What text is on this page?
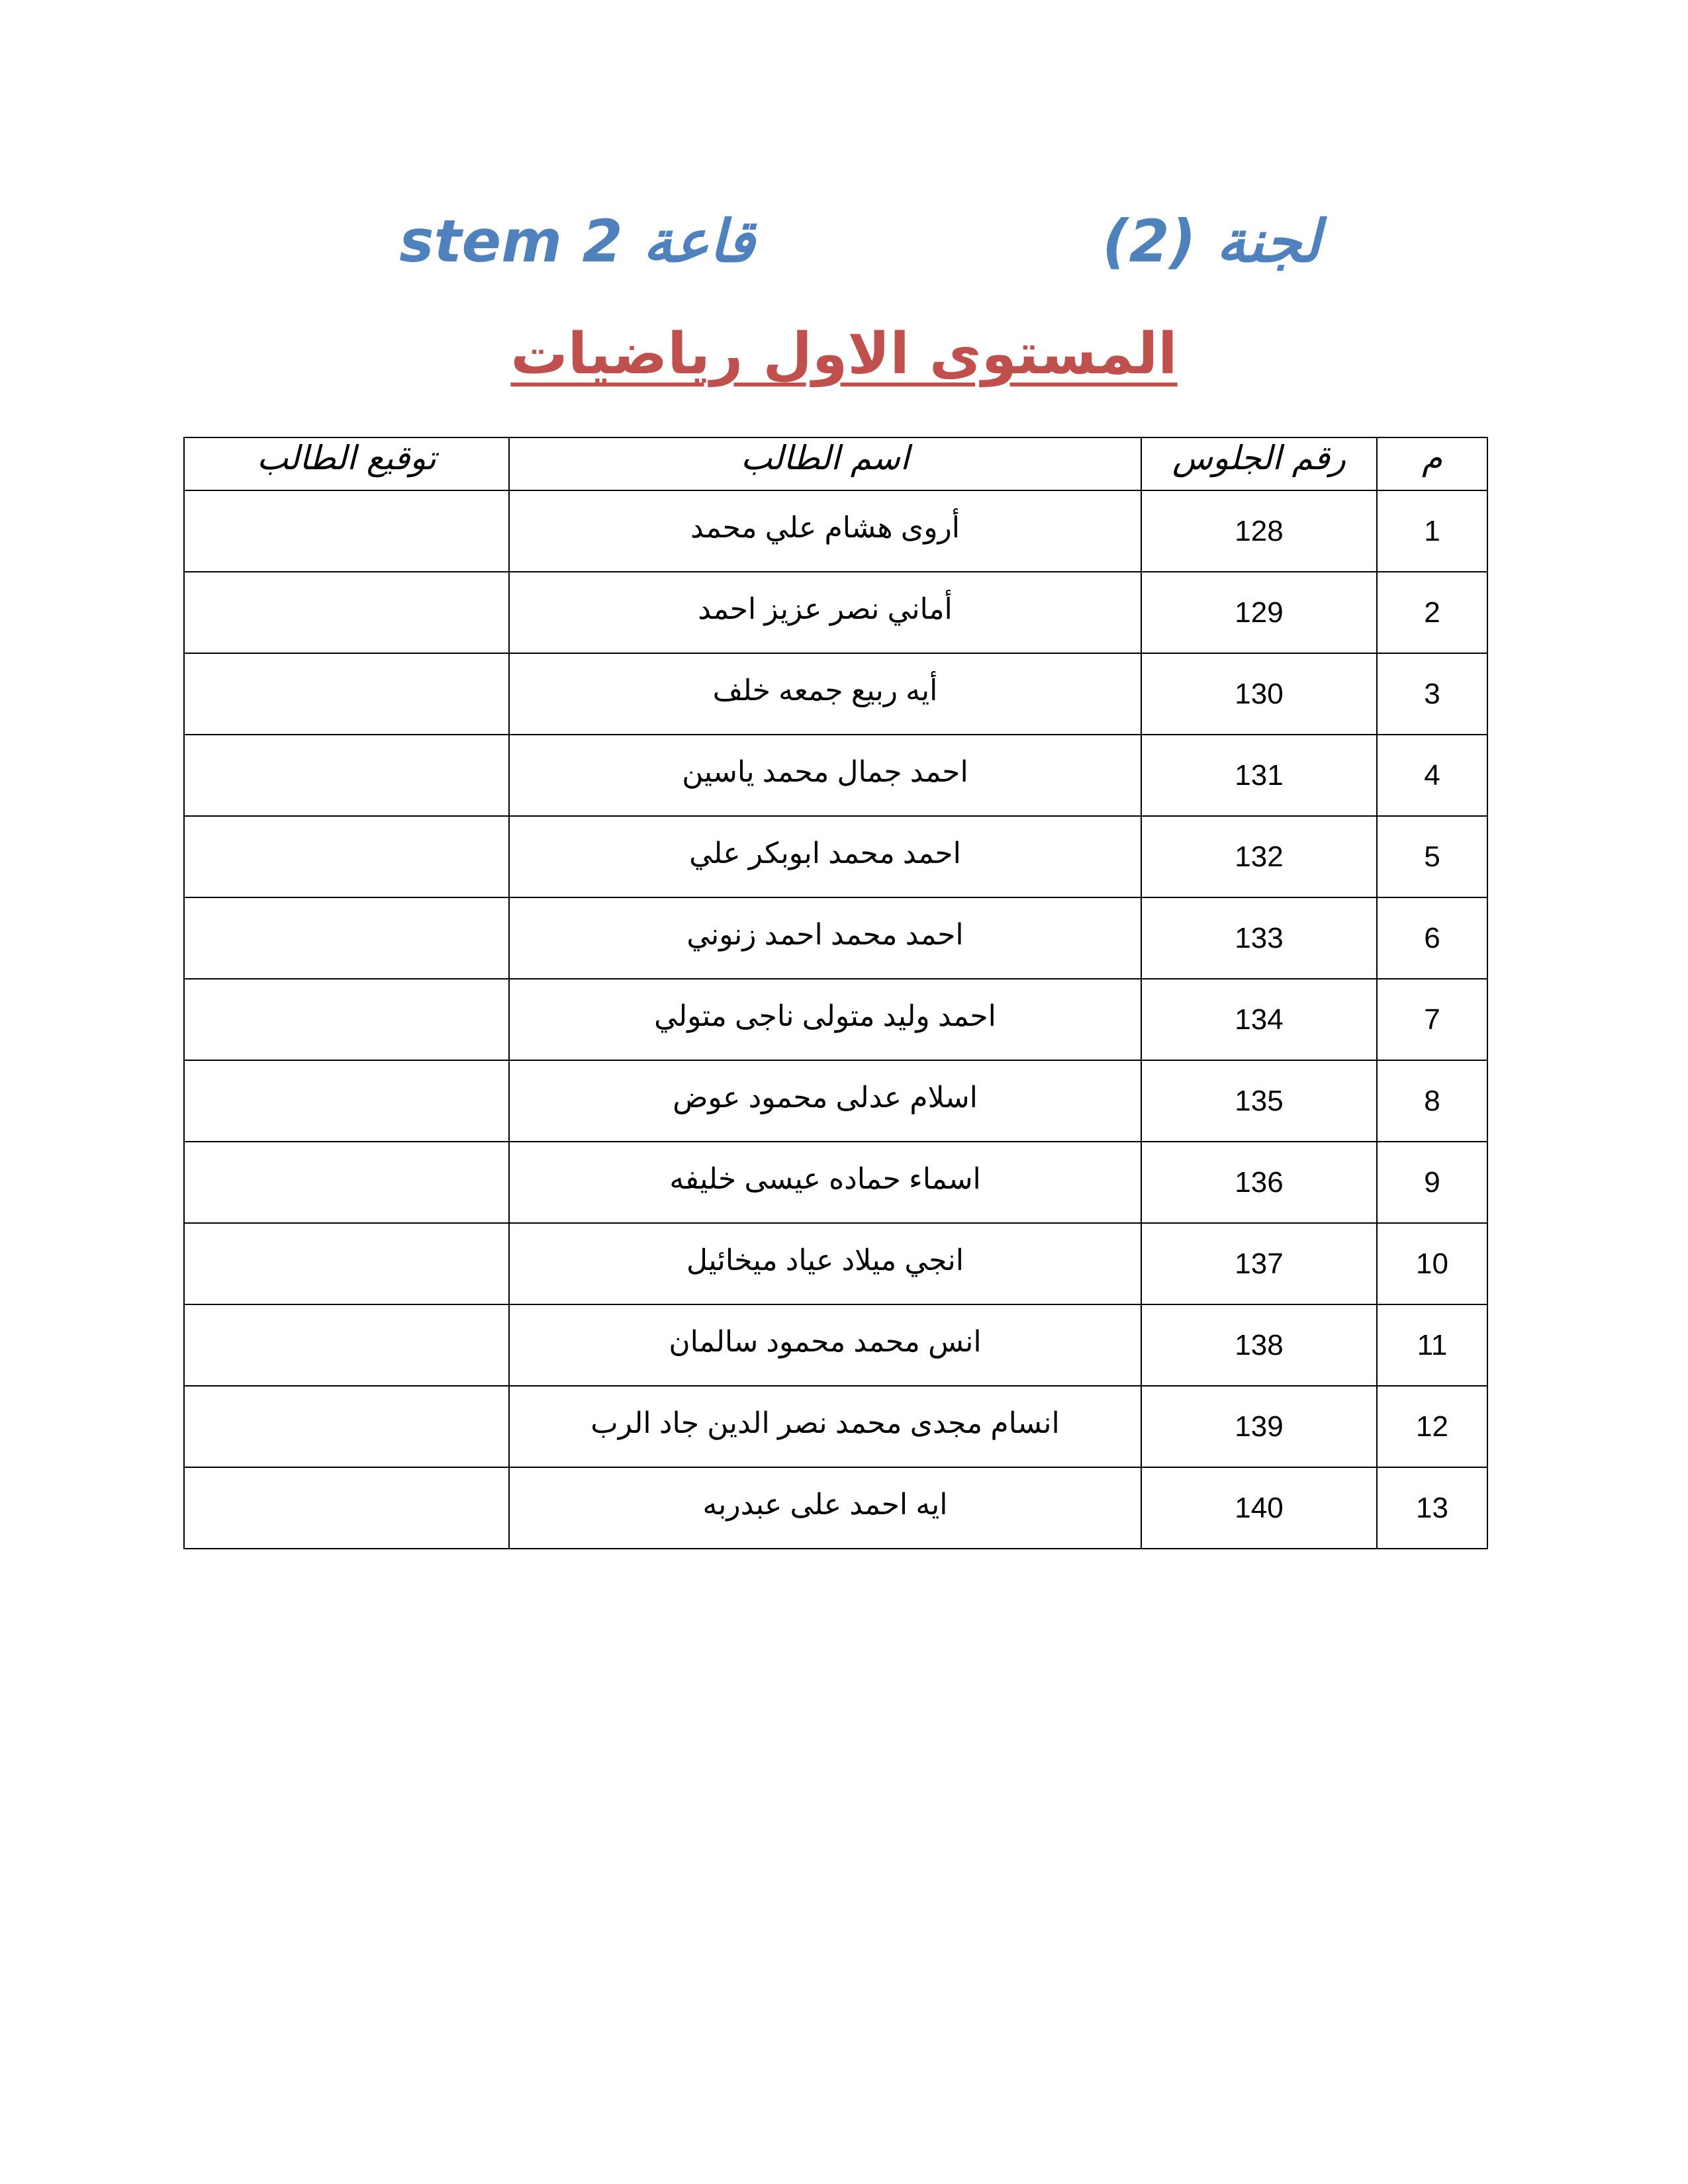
لجنة (2)
قاعة stem 2
المستوى الاول رياضيات
م	رقم الجلوس	اسم الطالب	توقيع الطالب
1	128	أروى هشام علي محمد	
2	129	أماني نصر عزيز احمد	
3	130	أيه ربيع جمعه خلف	
4	131	احمد جمال محمد ياسين	
5	132	احمد محمد ابوبكر علي	
6	133	احمد محمد احمد زنوني	
7	134	احمد وليد متولى ناجى متولي	
8	135	اسلام عدلى محمود عوض	
9	136	اسماء حماده عيسى خليفه	
10	137	انجي ميلاد عياد ميخائيل	
11	138	انس محمد محمود سالمان	
12	139	انسام مجدى محمد نصر الدين جاد الرب	
13	140	ايه احمد على عبدربه	
